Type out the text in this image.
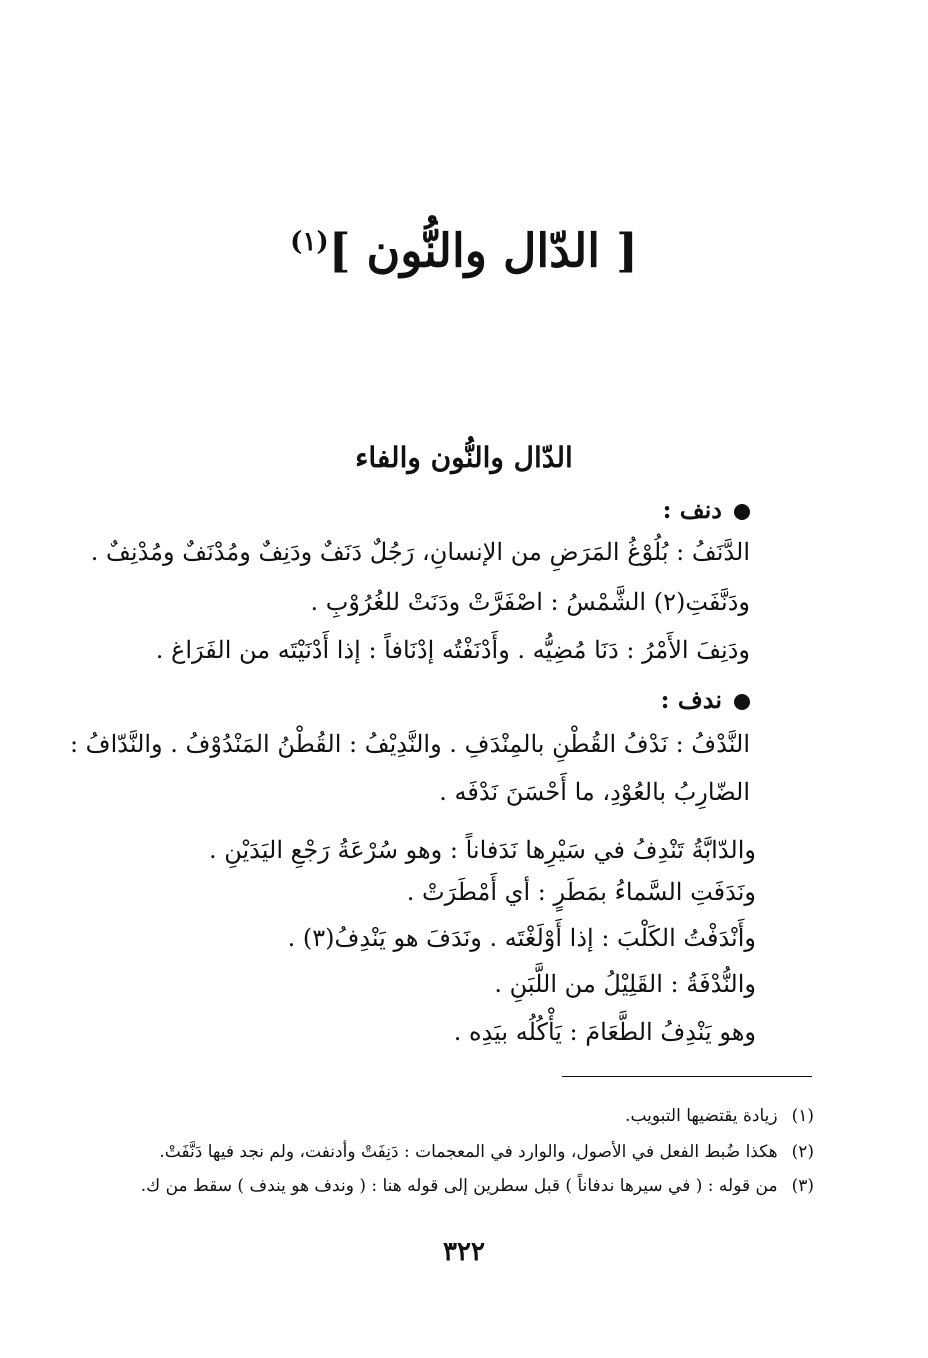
[ الدّال والنُّون ]$^{(١)}$
الدّال والنُّون والفاء
دنف :
الدَّنَفُ : بُلُوْغُ المَرَضِ من الإنسانِ، رَجُلٌ دَنَفٌ ودَنِفٌ ومُدْنَفٌ ومُدْنِفٌ .
ودَنَّفَتِ(٢) الشَّمْسُ : اصْفَرَّتْ ودَنَتْ للغُرُوْبِ .
ودَنِفَ الأَمْرُ : دَنَا مُضِيُّه . وأَدْنَفْتُه إدْنَافاً : إذا أَدْنَيْتَه من الفَرَاغ .
ندف :
النَّدْفُ : نَدْفُ القُطْنِ بالمِنْدَفِ . والنَّدِيْفُ : القُطْنُ المَنْدُوْفُ . والنَّدّافُ :
الضّارِبُ بالعُوْدِ، ما أَحْسَنَ نَدْفَه .
والدّابَّةُ تَنْدِفُ في سَيْرِها نَدَفاناً : وهو سُرْعَةُ رَجْعِ اليَدَيْنِ .
ونَدَفَتِ السَّماءُ بمَطَرٍ : أي أَمْطَرَتْ .
وأَنْدَفْتُ الكَلْبَ : إذا أَوْلَغْتَه . ونَدَفَ هو يَنْدِفُ(٣) .
والنُّدْفَةُ : القَلِيْلُ من اللَّبَنِ .
وهو يَنْدِفُ الطَّعَامَ : يَأْكُلُه بيَدِه .
(١)زيادة يقتضيها التبويب.
(٢)هكذا ضُبط الفعل في الأصول، والوارد في المعجمات : دَنِفَتْ وأدنفت، ولم نجد فيها دَنَّفَتْ.
(٣)من قوله : ( في سيرها ندفاناً ) قبل سطرين إلى قوله هنا : ( وندف هو يندف ) سقط من ك.
٣٢٢
